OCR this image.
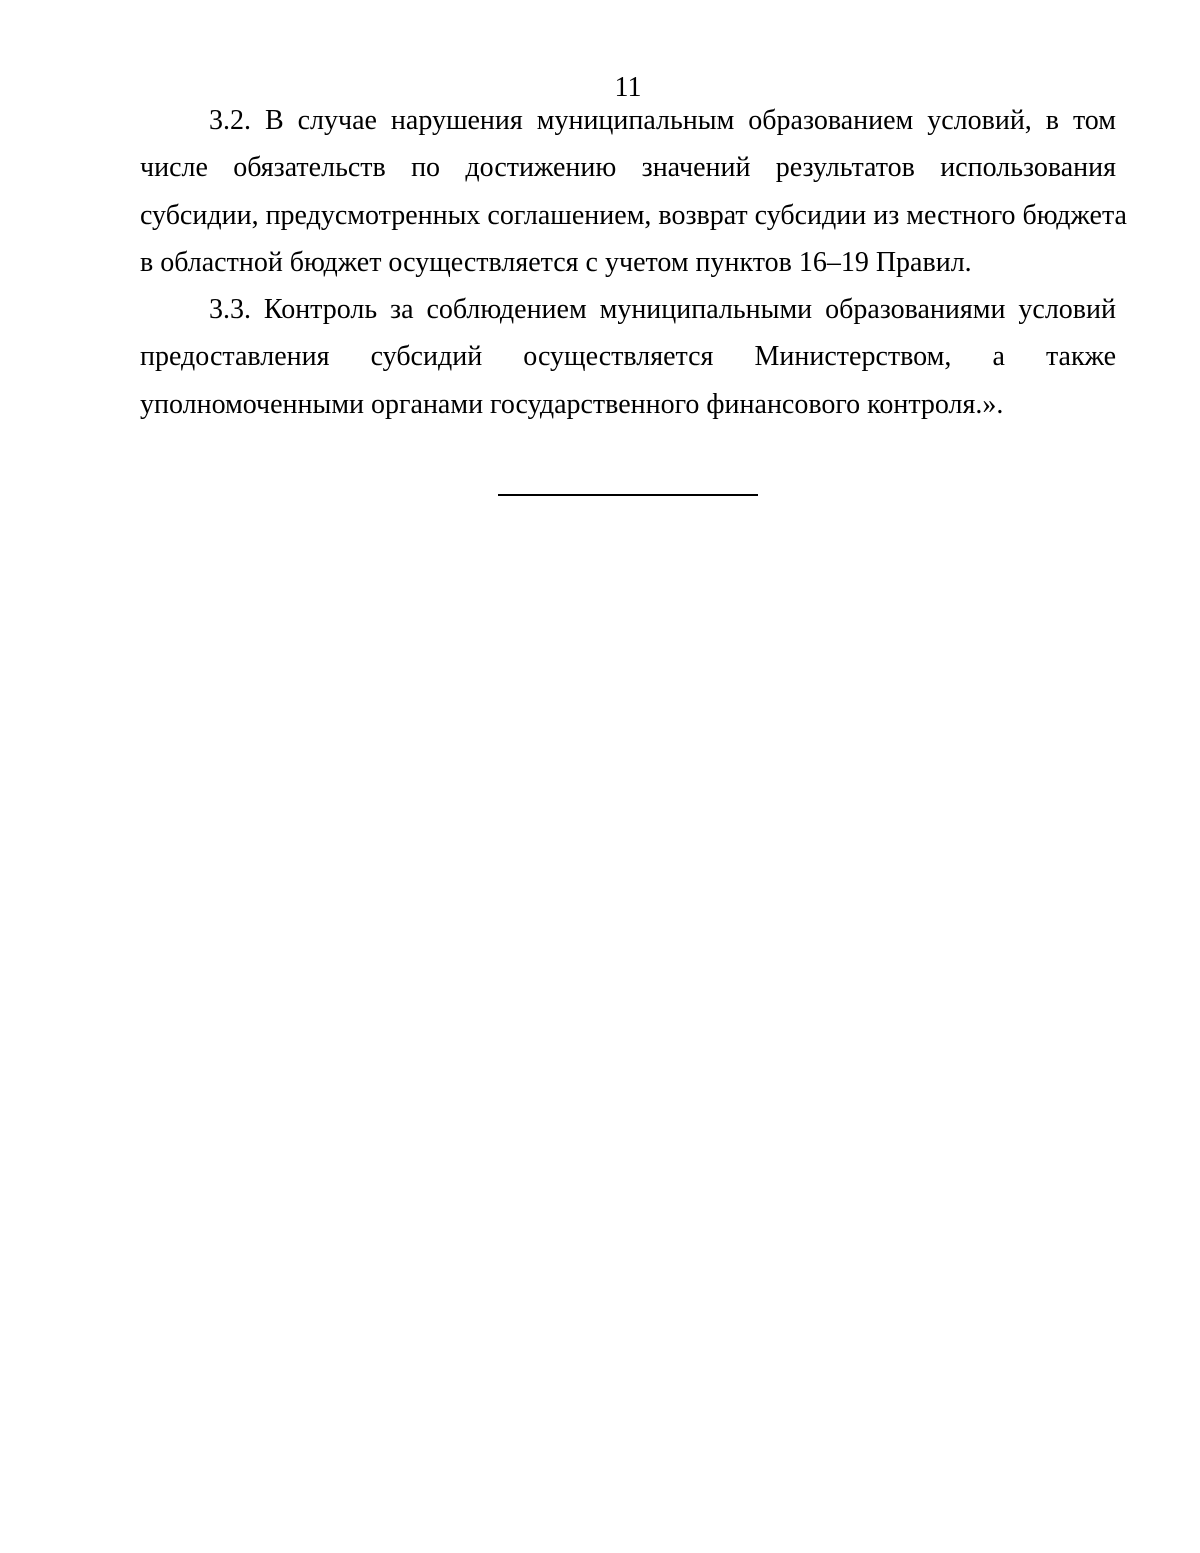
11
3.2. В случае нарушения муниципальным образованием условий, в том
числе обязательств по достижению значений результатов использования
субсидии, предусмотренных соглашением, возврат субсидии из местного бюджета
в областной бюджет осуществляется с учетом пунктов 16–19 Правил.
3.3. Контроль за соблюдением муниципальными образованиями условий
предоставления субсидий осуществляется Министерством, а также
уполномоченными органами государственного финансового контроля.».
